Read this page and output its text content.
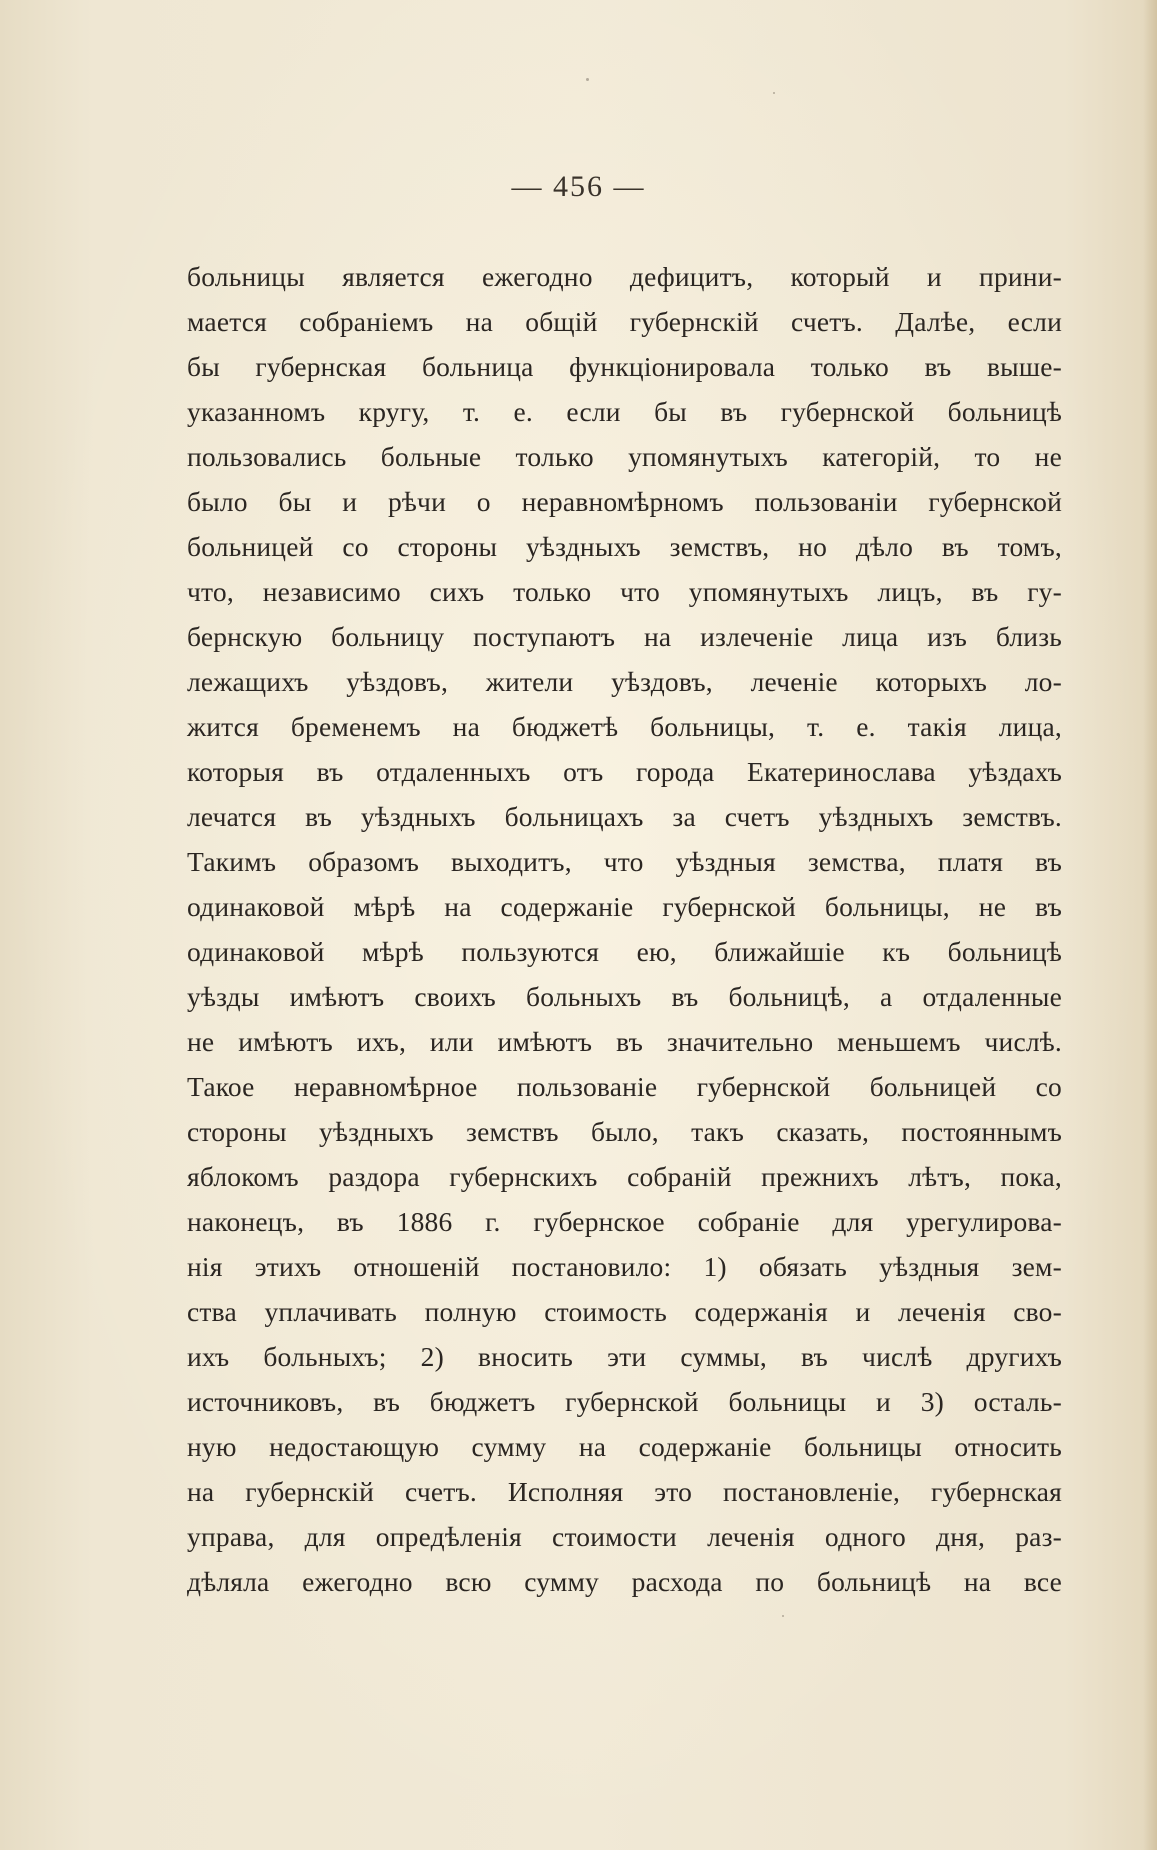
— 456 —
больницы является ежегодно дефицитъ, который и прини-
мается собраніемъ на общій губернскій счетъ. Далѣе, если
бы губернская больница функціонировала только въ выше-
указанномъ кругу, т. е. если бы въ губернской больницѣ
пользовались больные только упомянутыхъ категорій, то не
было бы и рѣчи о неравномѣрномъ пользованіи губернской
больницей со стороны уѣздныхъ земствъ, но дѣло въ томъ,
что, независимо сихъ только что упомянутыхъ лицъ, въ гу-
бернскую больницу поступаютъ на излеченіе лица изъ близь
лежащихъ уѣздовъ, жители уѣздовъ, леченіе которыхъ ло-
жится бременемъ на бюджетѣ больницы, т. е. такія лица,
которыя въ отдаленныхъ отъ города Екатеринослава уѣздахъ
лечатся въ уѣздныхъ больницахъ за счетъ уѣздныхъ земствъ.
Такимъ образомъ выходитъ, что уѣздныя земства, платя въ
одинаковой мѣрѣ на содержаніе губернской больницы, не въ
одинаковой мѣрѣ пользуются ею, ближайшіе къ больницѣ
уѣзды имѣютъ своихъ больныхъ въ больницѣ, а отдаленные
не имѣютъ ихъ, или имѣютъ въ значительно меньшемъ числѣ.
Такое неравномѣрное пользованіе губернской больницей со
стороны уѣздныхъ земствъ было, такъ сказать, постояннымъ
яблокомъ раздора губернскихъ собраній прежнихъ лѣтъ, пока,
наконецъ, въ 1886 г. губернское собраніе для урегулирова-
нія этихъ отношеній постановило: 1) обязать уѣздныя зем-
ства уплачивать полную стоимость содержанія и леченія сво-
ихъ больныхъ; 2) вносить эти суммы, въ числѣ другихъ
источниковъ, въ бюджетъ губернской больницы и 3) осталь-
ную недостающую сумму на содержаніе больницы относить
на губернскій счетъ. Исполняя это постановленіе, губернская
управа, для опредѣленія стоимости леченія одного дня, раз-
дѣляла ежегодно всю сумму расхода по больницѣ на все
